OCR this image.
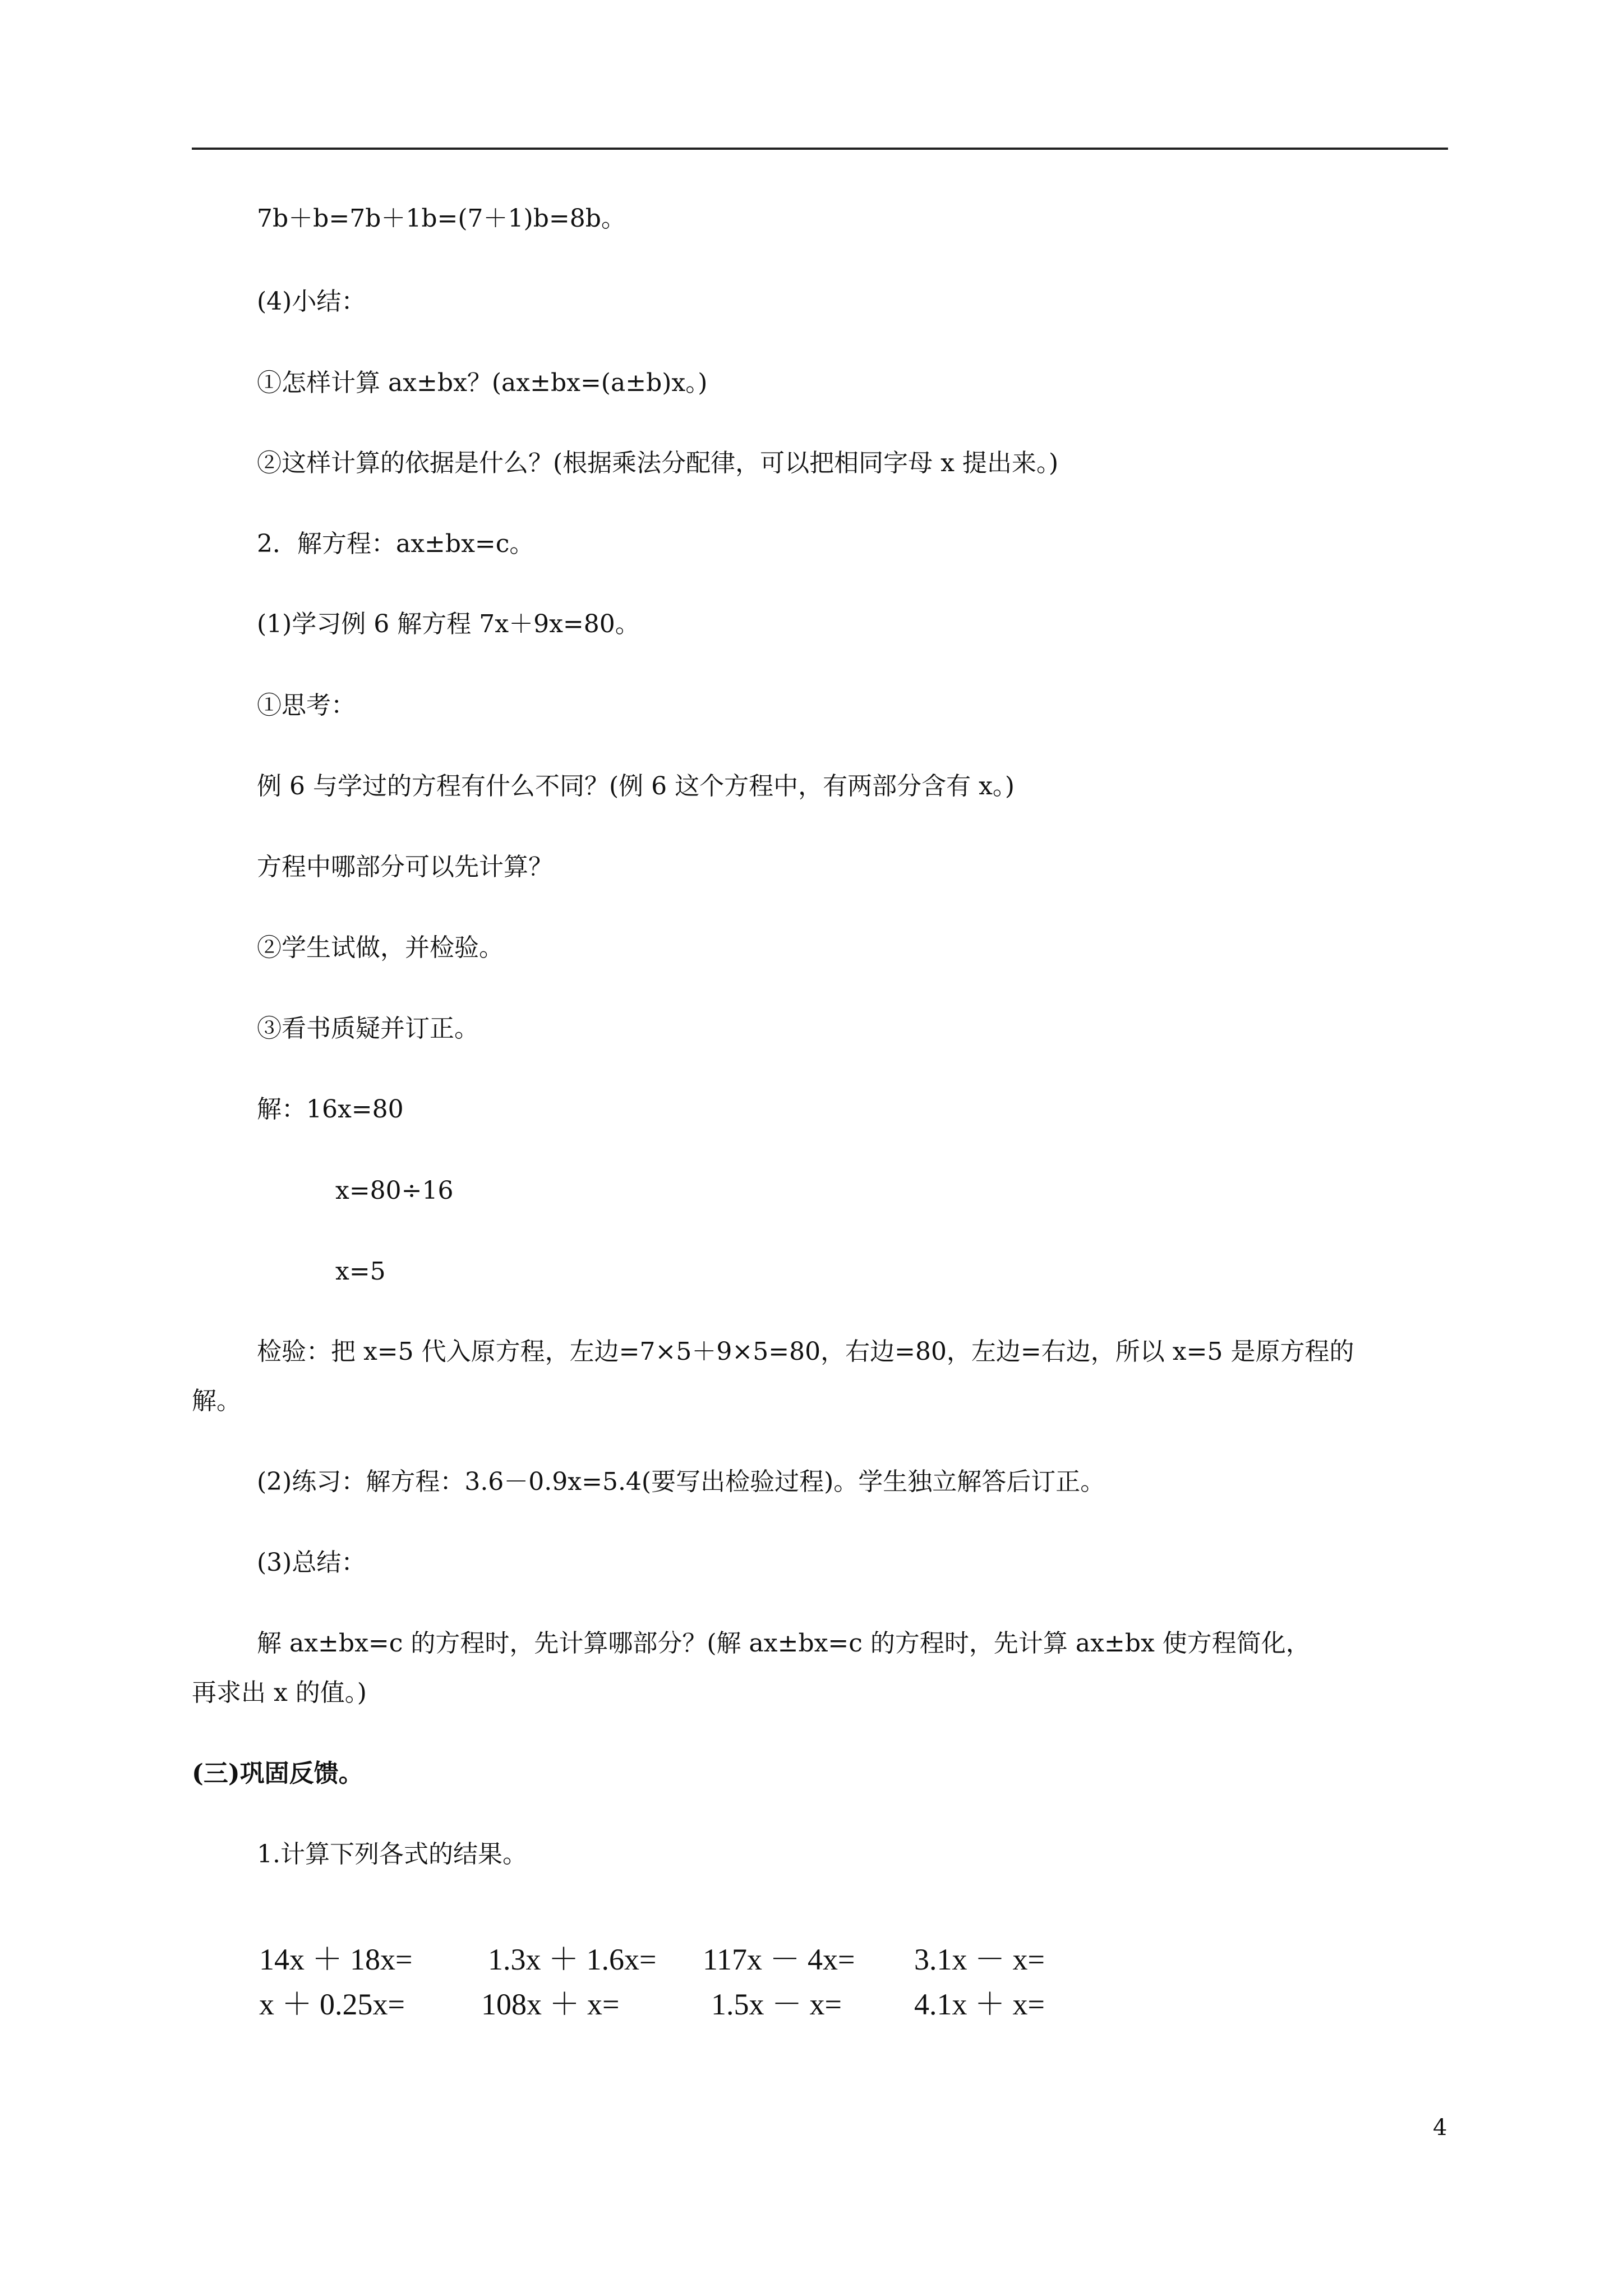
7b＋b=7b＋1b=(7＋1)b=8b。
(4)小结：
①怎样计算 ax±bx？(ax±bx=(a±b)x。)
②这样计算的依据是什么？(根据乘法分配律，可以把相同字母 x 提出来。)
2．解方程：ax±bx=c。
(1)学习例 6 解方程 7x＋9x=80。
①思考：
例 6 与学过的方程有什么不同？(例 6 这个方程中，有两部分含有 x。)
方程中哪部分可以先计算？
②学生试做，并检验。
③看书质疑并订正。
解：16x=80
x=80÷16
x=5
检验：把 x=5 代入原方程，左边=7×5＋9×5=80，右边=80，左边=右边，所以 x=5 是原方程的
解。
(2)练习：解方程：3.6－0.9x=5.4(要写出检验过程)。学生独立解答后订正。
(3)总结：
解 ax±bx=c 的方程时，先计算哪部分？(解 ax±bx=c 的方程时，先计算 ax±bx 使方程简化，
再求出 x 的值。)
(三)巩固反馈。
1.计算下列各式的结果。
14x ＋ 18x= 1.3x ＋ 1.6x= 117x － 4x= 3.1x － x=
x ＋ 0.25x=	108x ＋ x=	1.5x － x= 4.1x ＋ x=
4
